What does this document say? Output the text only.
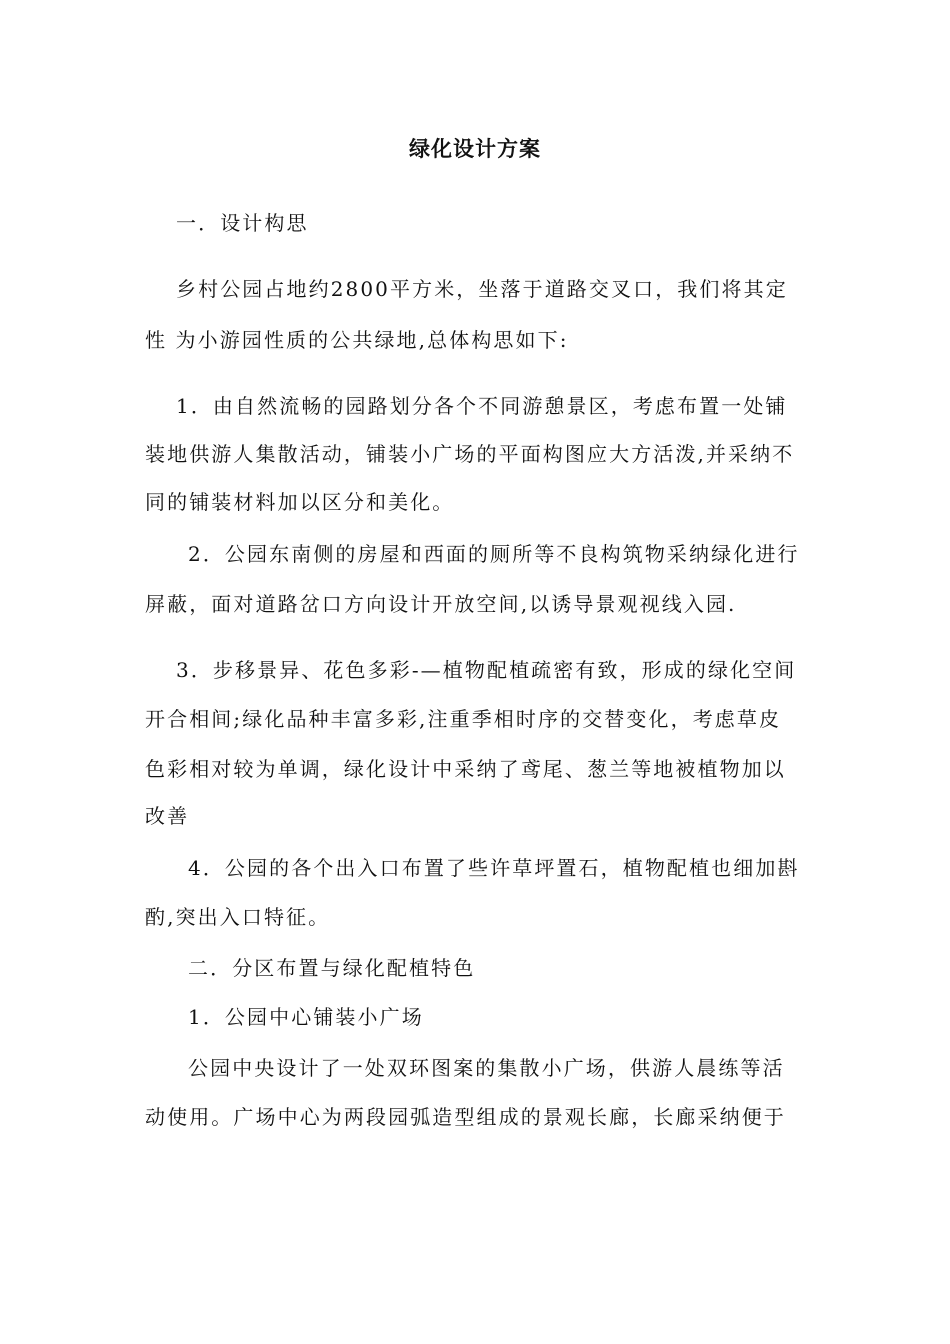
绿化设计方案
一．设计构思
乡村公园占地约2800平方米，坐落于道路交叉口，我们将其定
性 为小游园性质的公共绿地,总体构思如下:
1．由自然流畅的园路划分各个不同游憩景区，考虑布置一处铺
装地供游人集散活动，铺装小广场的平面构图应大方活泼,并采纳不
同的铺装材料加以区分和美化。
2．公园东南侧的房屋和西面的厕所等不良构筑物采纳绿化进行
屏蔽，面对道路岔口方向设计开放空间,以诱导景观视线入园.
3．步移景异、花色多彩-—植物配植疏密有致，形成的绿化空间
开合相间;绿化品种丰富多彩,注重季相时序的交替变化，考虑草皮
色彩相对较为单调，绿化设计中采纳了鸢尾、葱兰等地被植物加以
改善
4．公园的各个出入口布置了些许草坪置石，植物配植也细加斟
酌,突出入口特征。
二．分区布置与绿化配植特色
1．公园中心铺装小广场
公园中央设计了一处双环图案的集散小广场，供游人晨练等活
动使用。广场中心为两段园弧造型组成的景观长廊，长廊采纳便于
